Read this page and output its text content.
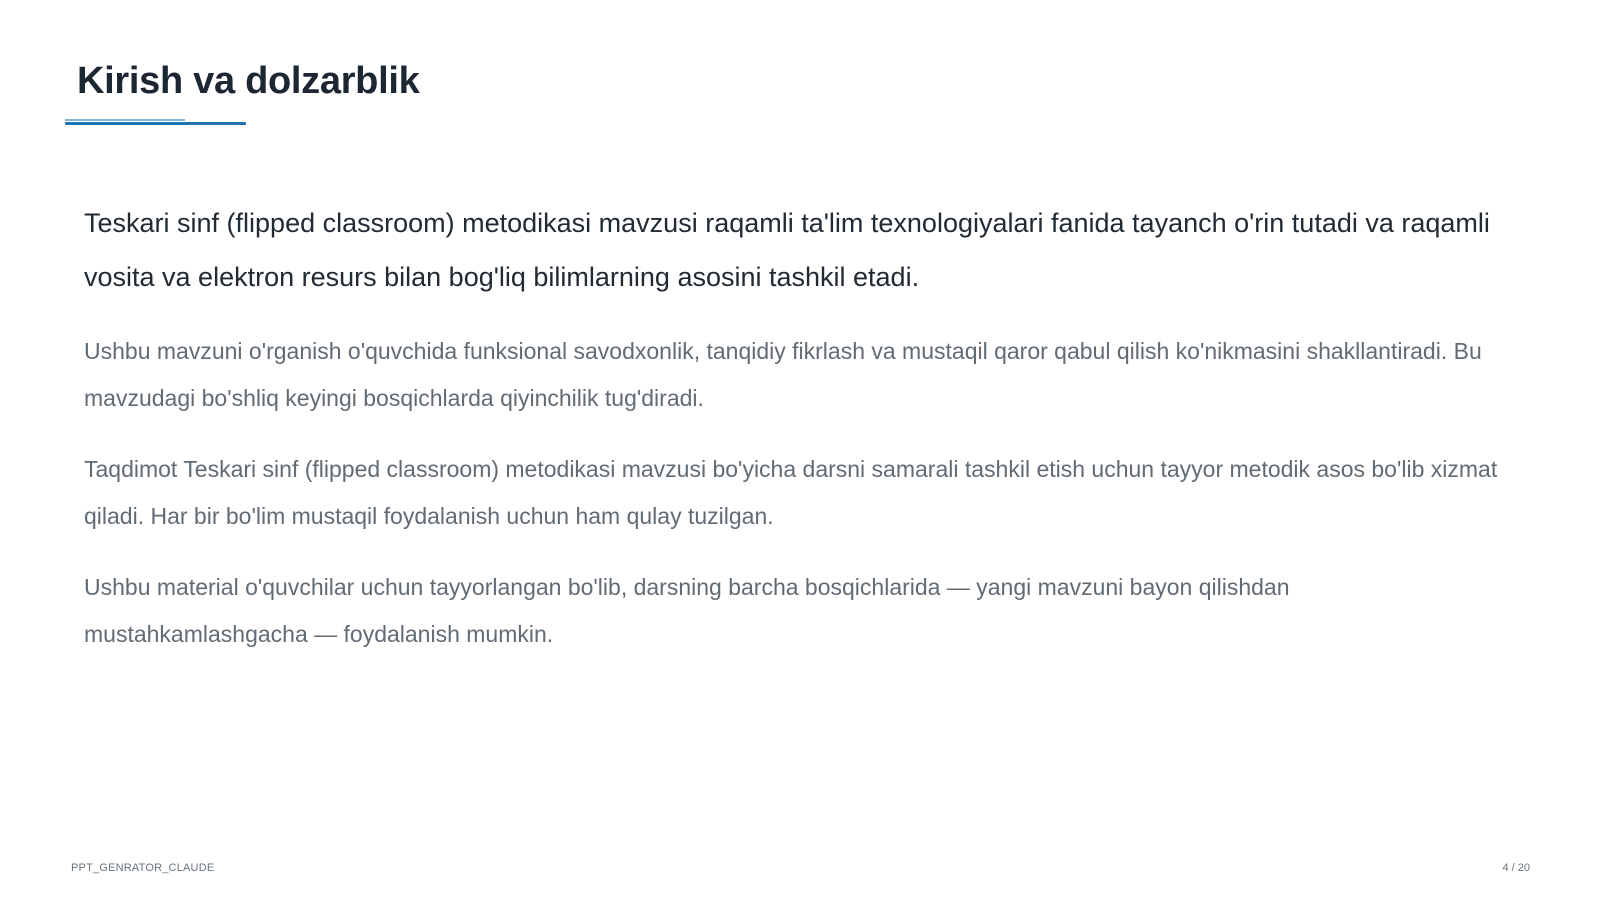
Kirish va dolzarblik

Teskari sinf (flipped classroom) metodikasi mavzusi raqamli ta'lim texnologiyalari fanida tayanch o'rin tutadi va raqamli vosita va elektron resurs bilan bog'liq bilimlarning asosini tashkil etadi.

Ushbu mavzuni o'rganish o'quvchida funksional savodxonlik, tanqidiy fikrlash va mustaqil qaror qabul qilish ko'nikmasini shakllantiradi. Bu mavzudagi bo'shliq keyingi bosqichlarda qiyinchilik tug'diradi.

Taqdimot Teskari sinf (flipped classroom) metodikasi mavzusi bo'yicha darsni samarali tashkil etish uchun tayyor metodik asos bo'lib xizmat qiladi. Har bir bo'lim mustaqil foydalanish uchun ham qulay tuzilgan.

Ushbu material o'quvchilar uchun tayyorlangan bo'lib, darsning barcha bosqichlarida — yangi mavzuni bayon qilishdan mustahkamlashgacha — foydalanish mumkin.

PPT_GENRATOR_CLAUDE	4 / 20
